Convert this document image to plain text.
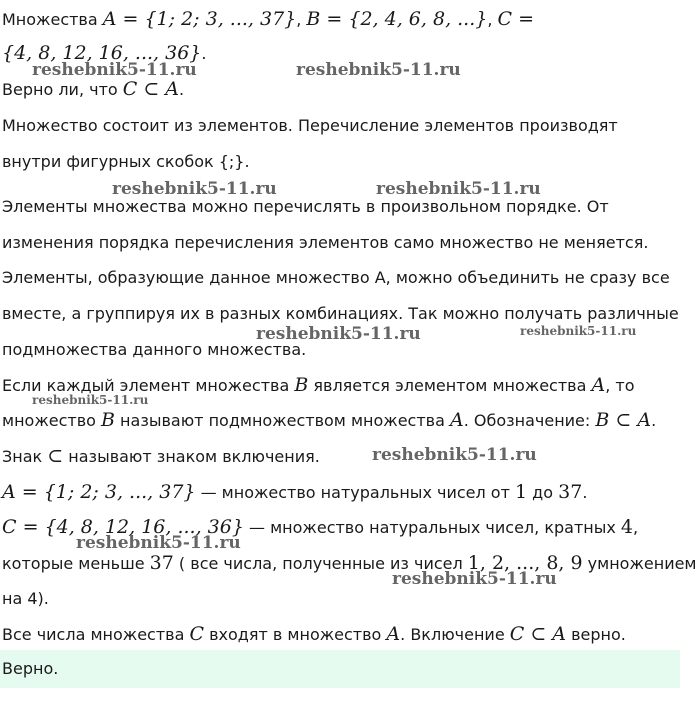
Множества A = {1; 2; 3, ..., 37}, B = {2, 4, 6, 8, ...}, C =
{4, 8, 12, 16, ..., 36}.
Верно ли, что C ⊂ A.
Множество состоит из элементов. Перечисление элементов производят
внутри фигурных скобок {;}.
Элементы множества можно перечислять в произвольном порядке. От
изменения порядка перечисления элементов само множество не меняется.
Элементы, образующие данное множество A, можно объединить не сразу все
вместе, а группируя их в разных комбинациях. Так можно получать различные
подмножества данного множества.
Если каждый элемент множества B является элементом множества A, то
множество B называют подмножеством множества A. Обозначение: B ⊂ A.
Знак ⊂ называют знаком включения.
A = {1; 2; 3, ..., 37} — множество натуральных чисел от 1 до 37.
C = {4, 8, 12, 16, ..., 36} — множество натуральных чисел, кратных 4,
которые меньше 37 ( все числа, полученные из чисел 1, 2, ..., 8, 9 умножением
на 4).
Все числа множества C входят в множество A. Включение C ⊂ A верно.
Верно.
reshebnik5-11.ru	reshebnik5-11.ru
reshebnik5-11.ru	reshebnik5-11.ru
reshebnik5-11.ru	reshebnik5-11.ru
reshebnik5-11.ru
reshebnik5-11.ru
reshebnik5-11.ru
reshebnik5-11.ru
